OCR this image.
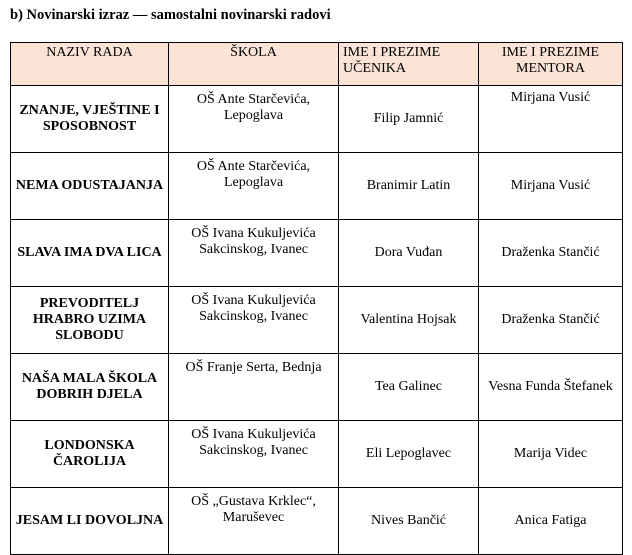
b) Novinarski izraz — samostalni novinarski radovi
NAZIV RADA	ŠKOLA	IME I PREZIME UČENIKA	IME I PREZIME MENTORA
ZNANJE, VJEŠTINE I SPOSOBNOST	OŠ Ante Starčevića, Lepoglava	Filip Jamnić	Mirjana Vusić
NEMA ODUSTAJANJA	OŠ Ante Starčevića, Lepoglava	Branimir Latin	Mirjana Vusić
SLAVA IMA DVA LICA	OŠ Ivana Kukuljevića Sakcinskog, Ivanec	Dora Vuđan	Draženka Stančić
PREVODITELJ HRABRO UZIMA SLOBODU	OŠ Ivana Kukuljevića Sakcinskog, Ivanec	Valentina Hojsak	Draženka Stančić
NAŠA MALA ŠKOLA DOBRIH DJELA	OŠ Franje Serta, Bednja	Tea Galinec	Vesna Funda Štefanek
LONDONSKA ČAROLIJA	OŠ Ivana Kukuljevića Sakcinskog, Ivanec	Eli Lepoglavec	Marija Videc
JESAM LI DOVOLJNA	OŠ „Gustava Krklec“, Maruševec	Nives Bančić	Anica Fatiga
